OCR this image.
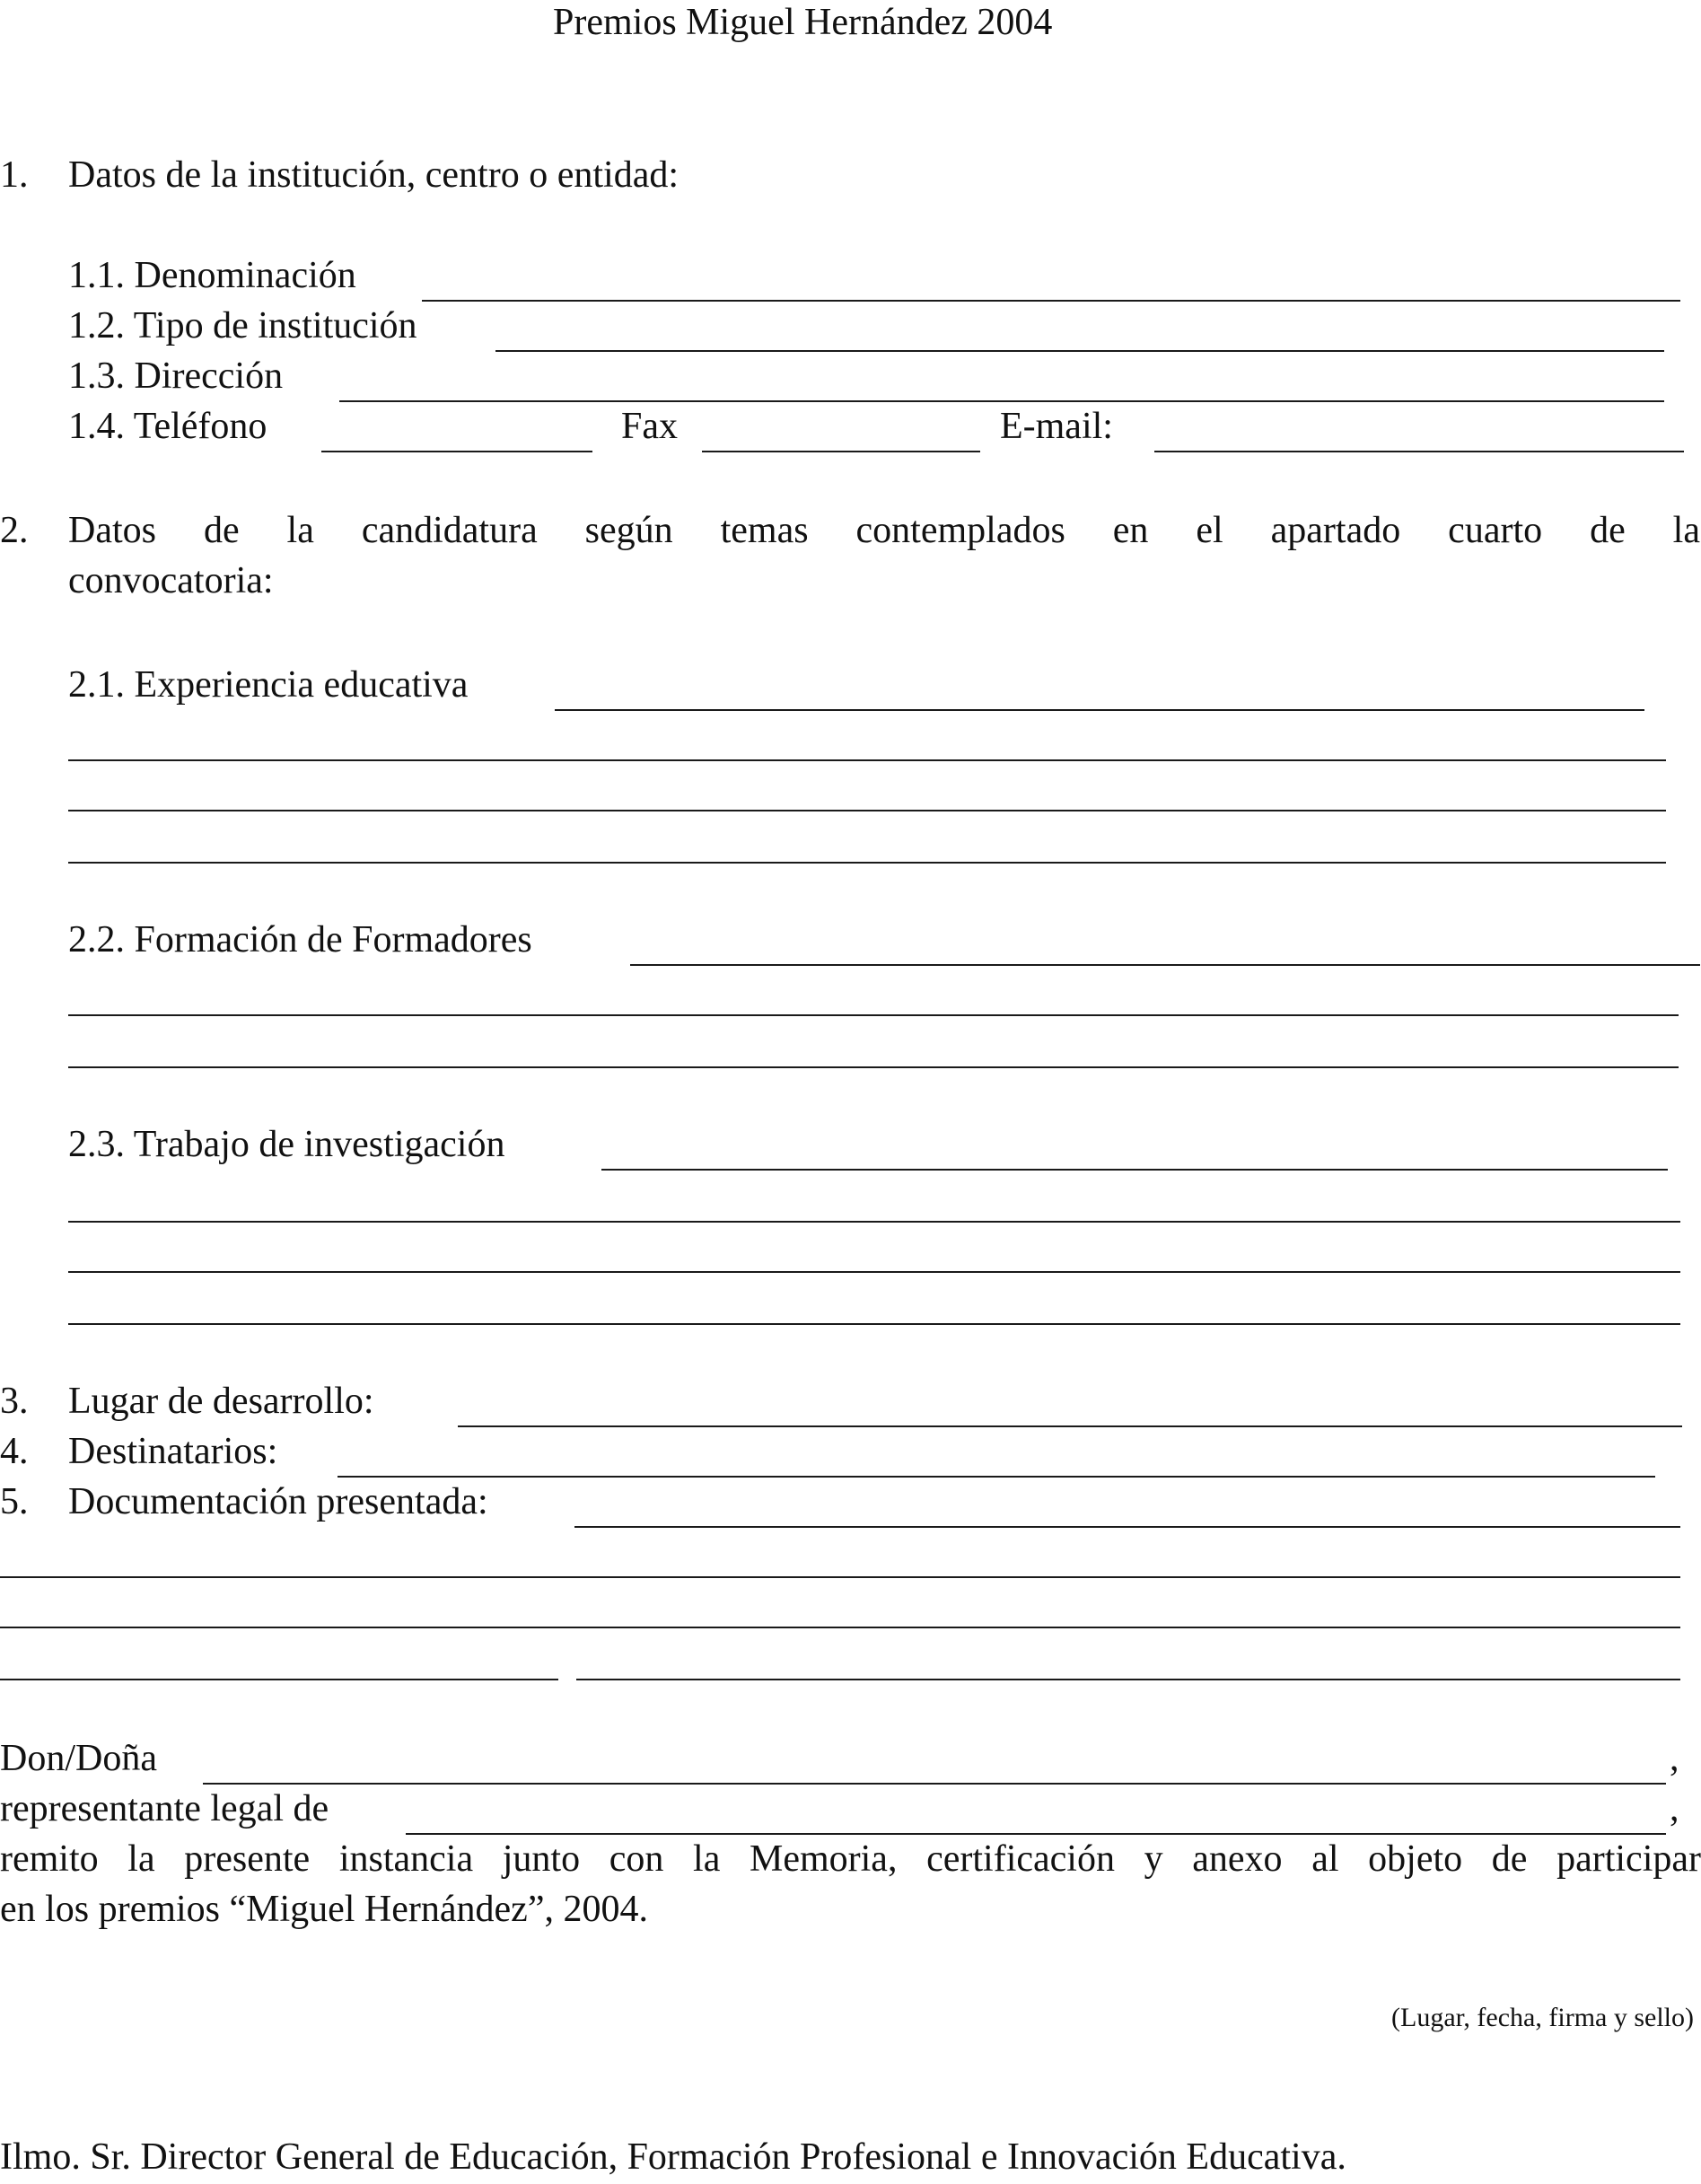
Premios Miguel Hernández 2004
1. Datos de la institución, centro o entidad:
1.1. Denominación
1.2. Tipo de institución
1.3. Dirección
1.4. Teléfono	Fax	E-mail:
2. Datos de la candidatura según temas contemplados en el apartado cuarto de la
convocatoria:
2.1. Experiencia educativa
2.2. Formación de Formadores
2.3. Trabajo de investigación
3. Lugar de desarrollo:
4. Destinatarios:
5. Documentación presentada:
Don/Doña	,
representante legal de	,
remito la presente instancia junto con la Memoria, certificación y anexo al objeto de participar
en los premios “Miguel Hernández”, 2004.
(Lugar, fecha, firma y sello)
Ilmo. Sr. Director General de Educación, Formación Profesional e Innovación Educativa.
